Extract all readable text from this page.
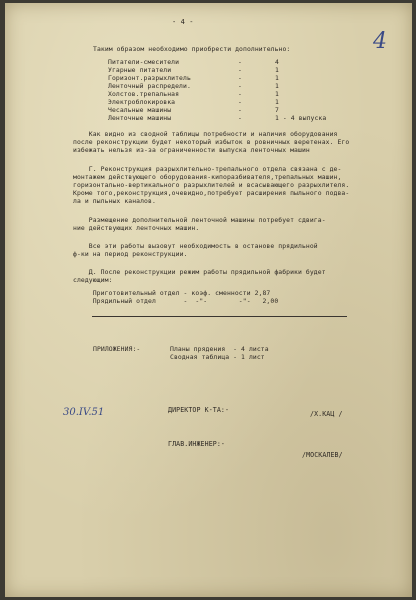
- 4 -
4
Таким образом необходимо приобрести дополнительно:
Питатели-смесители	-	4
Угарные питатели	-	1
Горизонт.разрыхлитель	-	1
Ленточный распредели.	-	1
Холстов.трепальная	-	1
Электроблокировка	-	1
Чесальные машины	-	7
Ленточные машины	-	1 - 4 выпуска
Как видно из сводной таблицы потребности и наличия оборудования
после реконструкции будет некоторый избыток в ровничных веретенах. Его
избежать нельзя из-за ограниченности выпуска ленточных машин
Г. Реконструкция разрыхлительно-трепального отдела связана с де-
монтажем действующего оборудования-кипоразбивателя,трепальных машин,
горизонтально-вертикального разрыхлителей и всасывающего разрыхлителя.
Кроме того,реконструкция,очевидно,потребует расширения пыльного подва-
ла и пыльных каналов.
Размещение дополнительной ленточной машины потребует сдвига-
ние действующих ленточных машин.
Все эти работы вызовут необходимость в останове прядильной
ф-ки на период реконструкции.
Д. После реконструкции режим работы прядильной фабрики будет
следующим:
Приготовительный отдел - коэф. сменности 2,87
Прядильный отдел       -  -"-        -"-   2,00
ПРИЛОЖЕНИЯ:-	Планы прядения  - 4 листа
Сводная таблица - 1 лист
30.IV.51	ДИРЕКТОР К-ТА:-	/Х.КАЦ /
ГЛАВ.ИНЖЕНЕР:-
/МОСКАЛЕВ/
